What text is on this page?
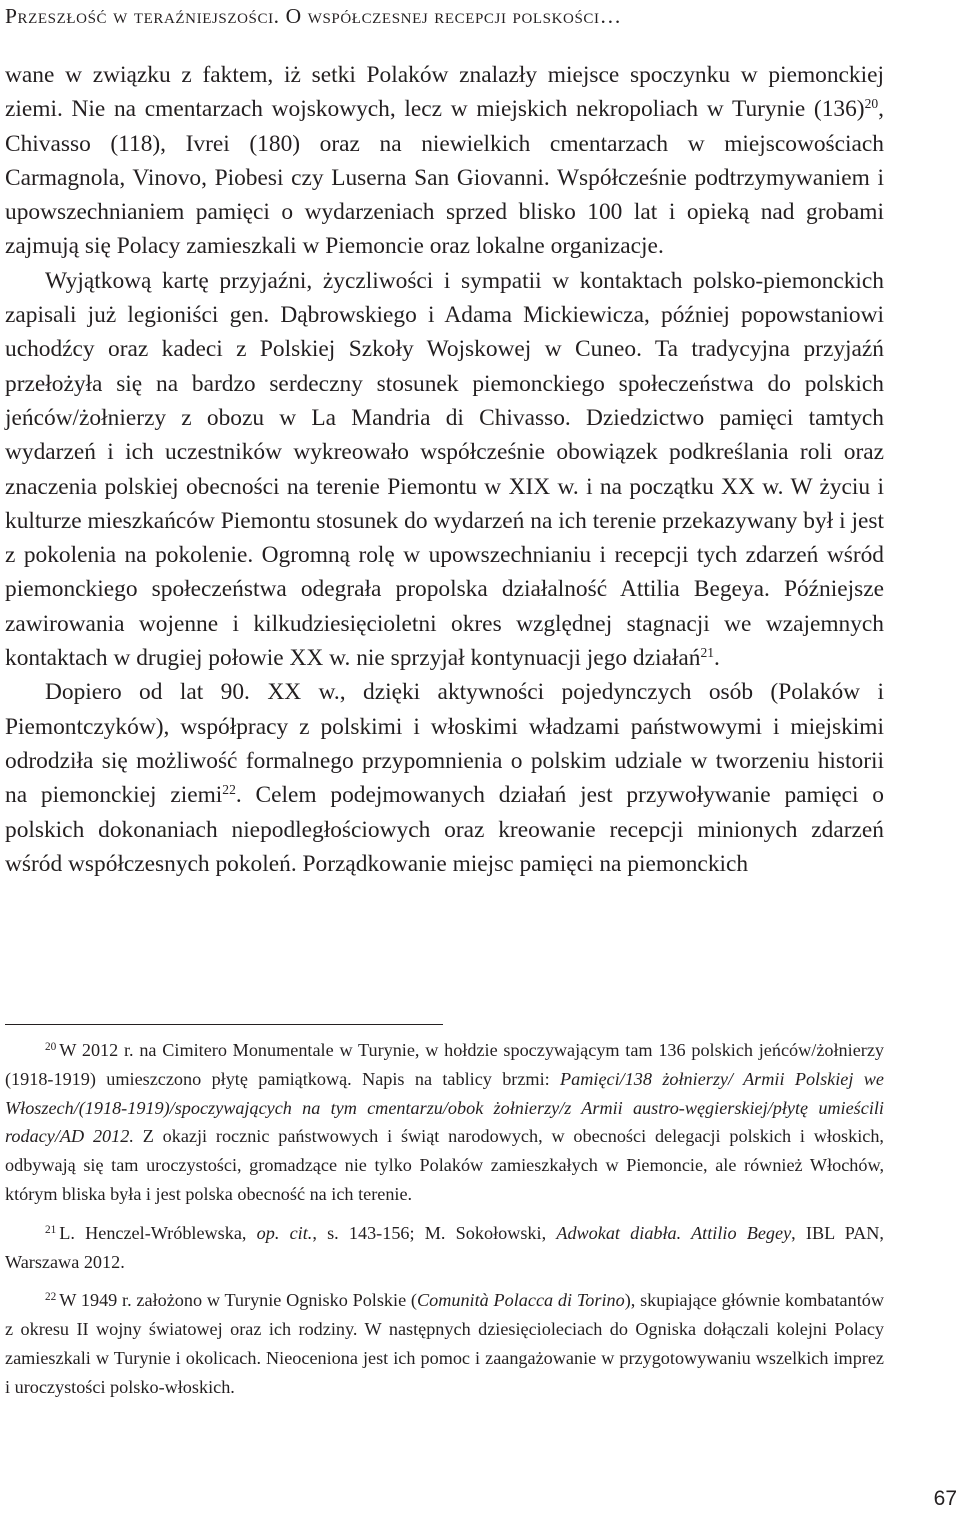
Przeszłość w teraźniejszości. O współczesnej recepcji polskości…

wane w związku z faktem, iż setki Polaków znalazły miejsce spoczynku w piemonckiej ziemi. Nie na cmentarzach wojskowych, lecz w miejskich nekropoliach w Turynie $(136)^{20}$, Chivasso (118), Ivrei (180) oraz na niewielkich cmentarzach w miejscowościach Carmagnola, Vinovo, Piobesi czy Luserna San Giovanni. Współcześnie podtrzymywaniem i upowszechnianiem pamięci o wydarzeniach sprzed blisko 100 lat i opieką nad grobami zajmują się Polacy zamieszkali w Piemoncie oraz lokalne organizacje.

Wyjątkową kartę przyjaźni, życzliwości i sympatii w kontaktach polsko-piemonckich zapisali już legioniści gen. Dąbrowskiego i Adama Mickiewicza, później popowstaniowi uchodźcy oraz kadeci z Polskiej Szkoły Wojskowej w Cuneo. Ta tradycyjna przyjaźń przełożyła się na bardzo serdeczny stosunek piemonckiego społeczeństwa do polskich jeńców/żołnierzy z obozu w La Mandria di Chivasso. Dziedzictwo pamięci tamtych wydarzeń i ich uczestników wykreowało współcześnie obowiązek podkreślania roli oraz znaczenia polskiej obecności na terenie Piemontu w XIX w. i na początku XX w. W życiu i kulturze mieszkańców Piemontu stosunek do wydarzeń na ich terenie przekazywany był i jest z pokolenia na pokolenie. Ogromną rolę w upowszechnianiu i recepcji tych zdarzeń wśród piemonckiego społeczeństwa odegrała propolska działalność Attilia Begeya. Późniejsze zawirowania wojenne i kilkudziesięcioletni okres względnej stagnacji we wzajemnych kontaktach w drugiej połowie XX w. nie sprzyjał kontynuacji jego działań$^{21}$.

Dopiero od lat 90. XX w., dzięki aktywności pojedynczych osób (Polaków i Piemontczyków), współpracy z polskimi i włoskimi władzami państwowymi i miejskimi odrodziła się możliwość formalnego przypomnienia o polskim udziale w tworzeniu historii na piemonckiej ziemi$^{22}$. Celem podejmowanych działań jest przywoływanie pamięci o polskich dokonaniach niepodległościowych oraz kreowanie recepcji minionych zdarzeń wśród współczesnych pokoleń. Porządkowanie miejsc pamięci na piemonckich

$^{20}$ W 2012 r. na Cimitero Monumentale w Turynie, w hołdzie spoczywającym tam 136 polskich jeńców/żołnierzy (1918-1919) umieszczono płytę pamiątkową. Napis na tablicy brzmi: Pamięci/138 żołnierzy/ Armii Polskiej we Włoszech/(1918-1919)/spoczywających na tym cmentarzu/obok żołnierzy/z Armii austro-węgierskiej/płytę umieścili rodacy/AD 2012. Z okazji rocznic państwowych i świąt narodowych, w obecności delegacji polskich i włoskich, odbywają się tam uroczystości, gromadzące nie tylko Polaków zamieszkałych w Piemoncie, ale również Włochów, którym bliska była i jest polska obecność na ich terenie.

$^{21}$ L. Henczel-Wróblewska, op. cit., s. 143-156; M. Sokołowski, Adwokat diabła. Attilio Begey, IBL PAN, Warszawa 2012.

$^{22}$ W 1949 r. założono w Turynie Ognisko Polskie (Comunità Polacca di Torino), skupiające głównie kombatantów z okresu II wojny światowej oraz ich rodziny. W następnych dziesięcioleciach do Ogniska dołączali kolejni Polacy zamieszkali w Turynie i okolicach. Nieoceniona jest ich pomoc i zaangażowanie w przygotowywaniu wszelkich imprez i uroczystości polsko-włoskich.

67
